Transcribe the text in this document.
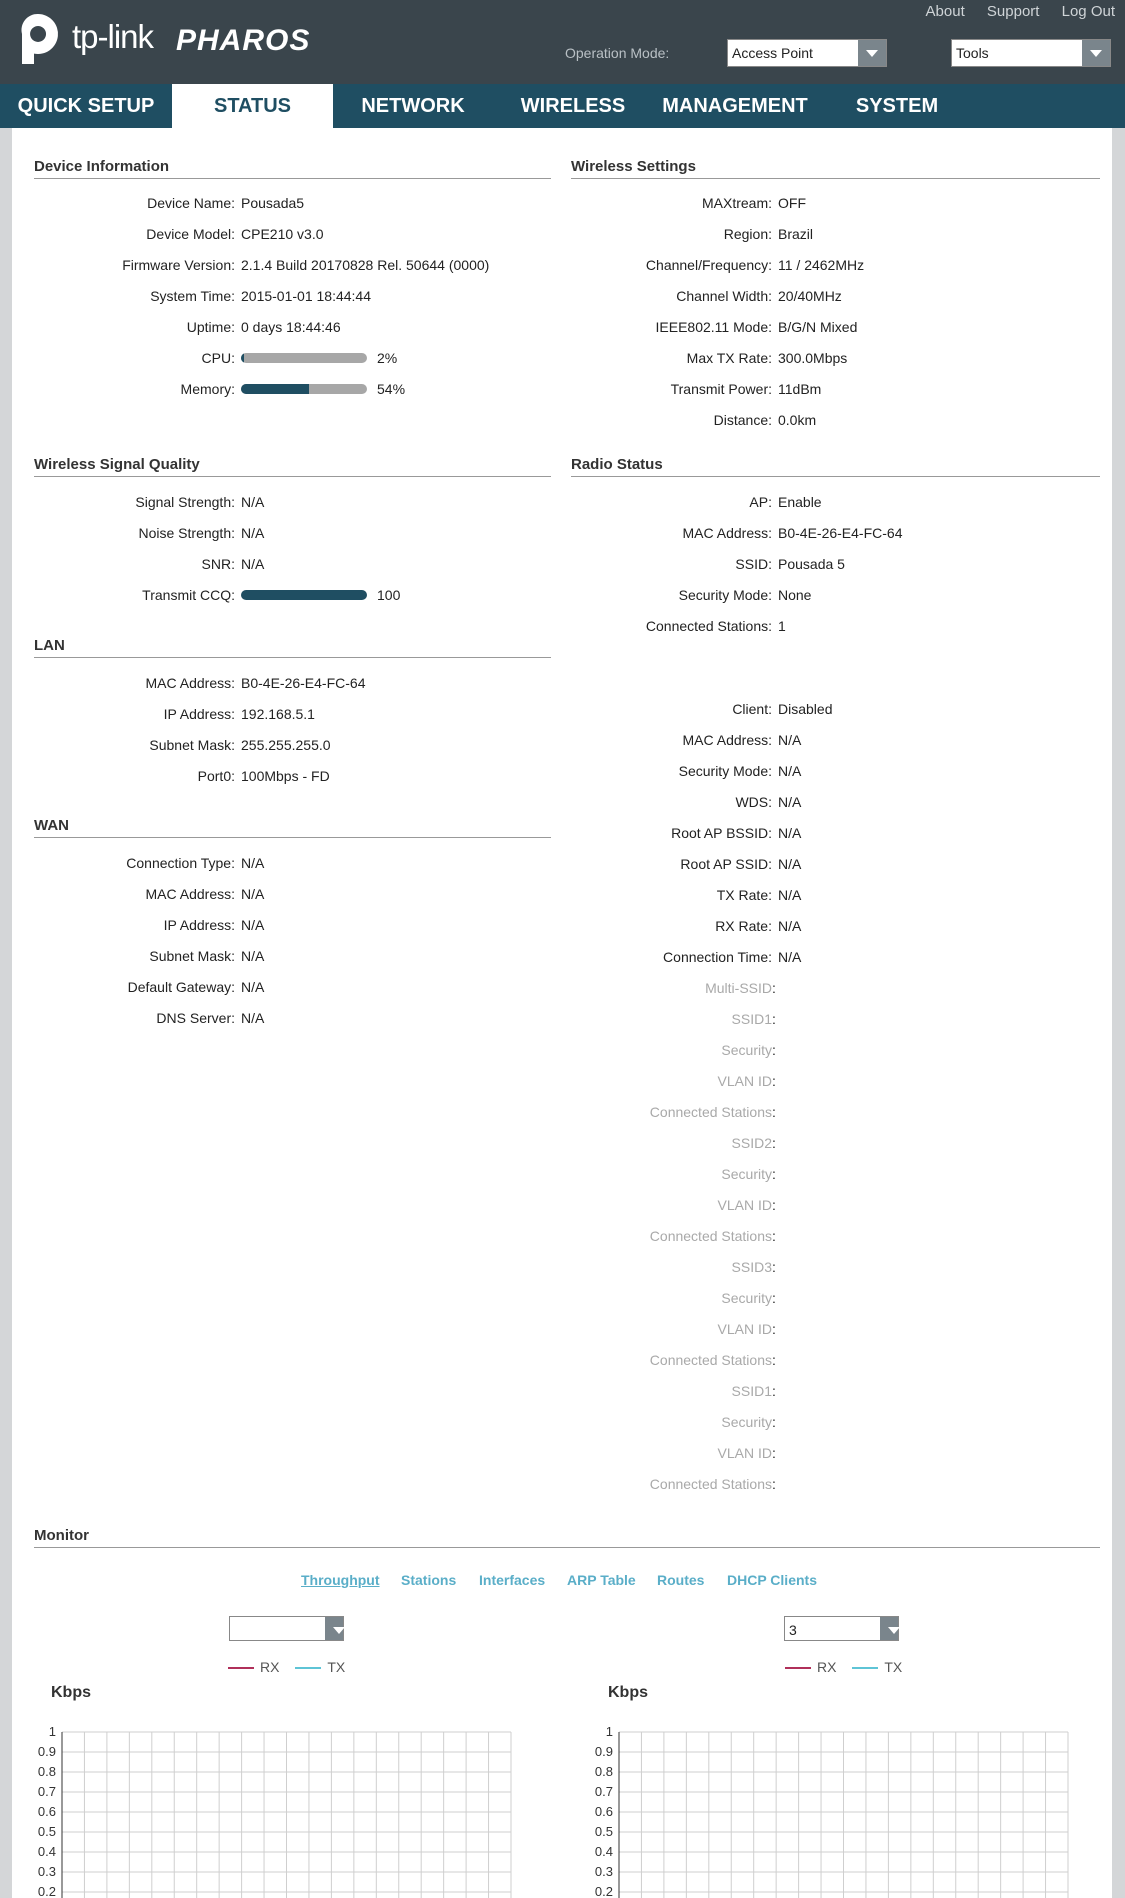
tp-link PHAROS
About Support Log Out
Operation Mode:	Access Point	Tools
QUICK SETUP	STATUS	NETWORK	WIRELESS	MANAGEMENT	SYSTEM
Device Information
Device Name: Pousada5
Device Model: CPE210 v3.0
Firmware Version: 2.1.4 Build 20170828 Rel. 50644 (0000)
System Time: 2015-01-01 18:44:44
Uptime: 0 days 18:44:46
CPU:	2%
Memory:	54%
Wireless Settings
MAXtream: OFF
Region: Brazil
Channel/Frequency: 11 / 2462MHz
Channel Width: 20/40MHz
IEEE802.11 Mode: B/G/N Mixed
Max TX Rate: 300.0Mbps
Transmit Power: 11dBm
Distance: 0.0km
Wireless Signal Quality
Signal Strength: N/A
Noise Strength: N/A
SNR: N/A
Transmit CCQ:	100
LAN
MAC Address: B0-4E-26-E4-FC-64
IP Address: 192.168.5.1
Subnet Mask: 255.255.255.0
Port0: 100Mbps - FD
WAN
Connection Type: N/A
MAC Address: N/A
IP Address: N/A
Subnet Mask: N/A
Default Gateway: N/A
DNS Server: N/A
Radio Status
AP: Enable
MAC Address: B0-4E-26-E4-FC-64
SSID: Pousada 5
Security Mode: None
Connected Stations: 1
Client: Disabled
MAC Address: N/A
Security Mode: N/A
WDS: N/A
Root AP BSSID: N/A
Root AP SSID: N/A
TX Rate: N/A
RX Rate: N/A
Connection Time: N/A
Multi-SSID :
SSID1 :
Security :
VLAN ID :
Connected Stations :
SSID2 :
Security :
VLAN ID :
Connected Stations :
SSID3 :
Security :
VLAN ID :
Connected Stations :
SSID1 :
Security :
VLAN ID :
Connected Stations :
Monitor
Throughput Stations Interfaces ARP Table Routes DHCP Clients
3
RX	TX	RX	TX
Kbps	Kbps
1
0.9
0.8
0.7
0.6
0.5
0.4
0.3
0.2
1
0.9
0.8
0.7
0.6
0.5
0.4
0.3
0.2
